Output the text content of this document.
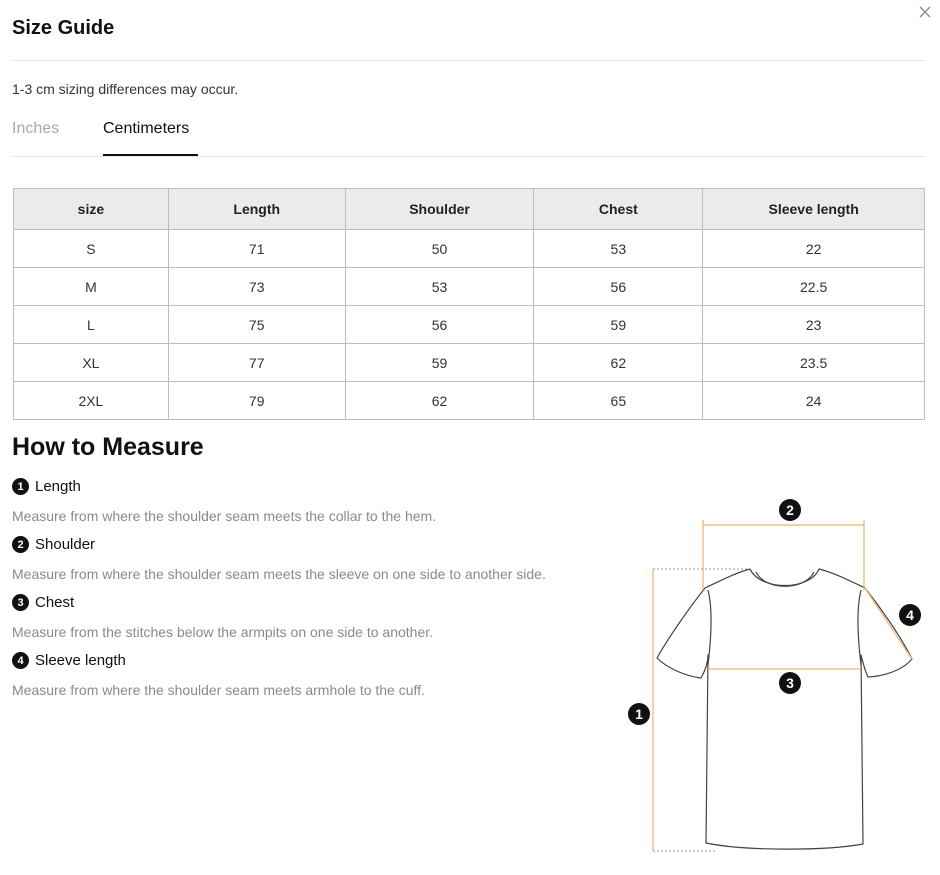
Size Guide
1-3 cm sizing differences may occur.
Inches	Centimeters
size	Length	Shoulder	Chest	Sleeve length
S	71	50	53	22
M	73	53	56	22.5
L	75	56	59	23
XL	77	59	62	23.5
2XL	79	62	65	24
How to Measure
1 Length
Measure from where the shoulder seam meets the collar to the hem.
2 Shoulder
Measure from where the shoulder seam meets the sleeve on one side to another side.
3 Chest
Measure from the stitches below the armpits on one side to another.
4 Sleeve length
Measure from where the shoulder seam meets armhole to the cuff.
1
2
3
4
